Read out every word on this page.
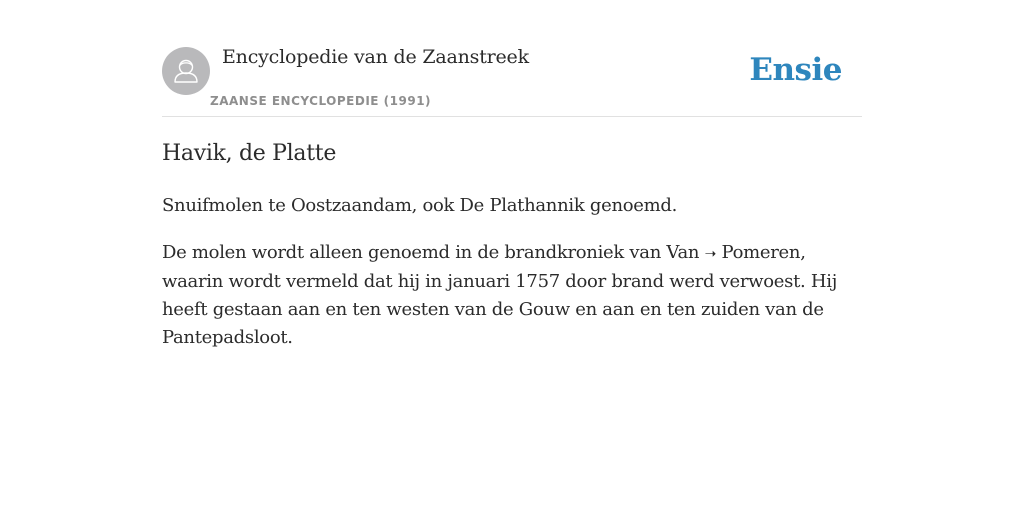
Encyclopedie van de Zaanstreek
ZAANSE ENCYCLOPEDIE (1991)
Ensie
Havik, de Platte

Snuifmolen te Oostzaandam, ook De Plathannik genoemd.

De molen wordt alleen genoemd in de brandkroniek van Van ➝ Pomeren, waarin wordt vermeld dat hij in januari 1757 door brand werd verwoest. Hij heeft gestaan aan en ten westen van de Gouw en aan en ten zuiden van de Pantepadsloot.
